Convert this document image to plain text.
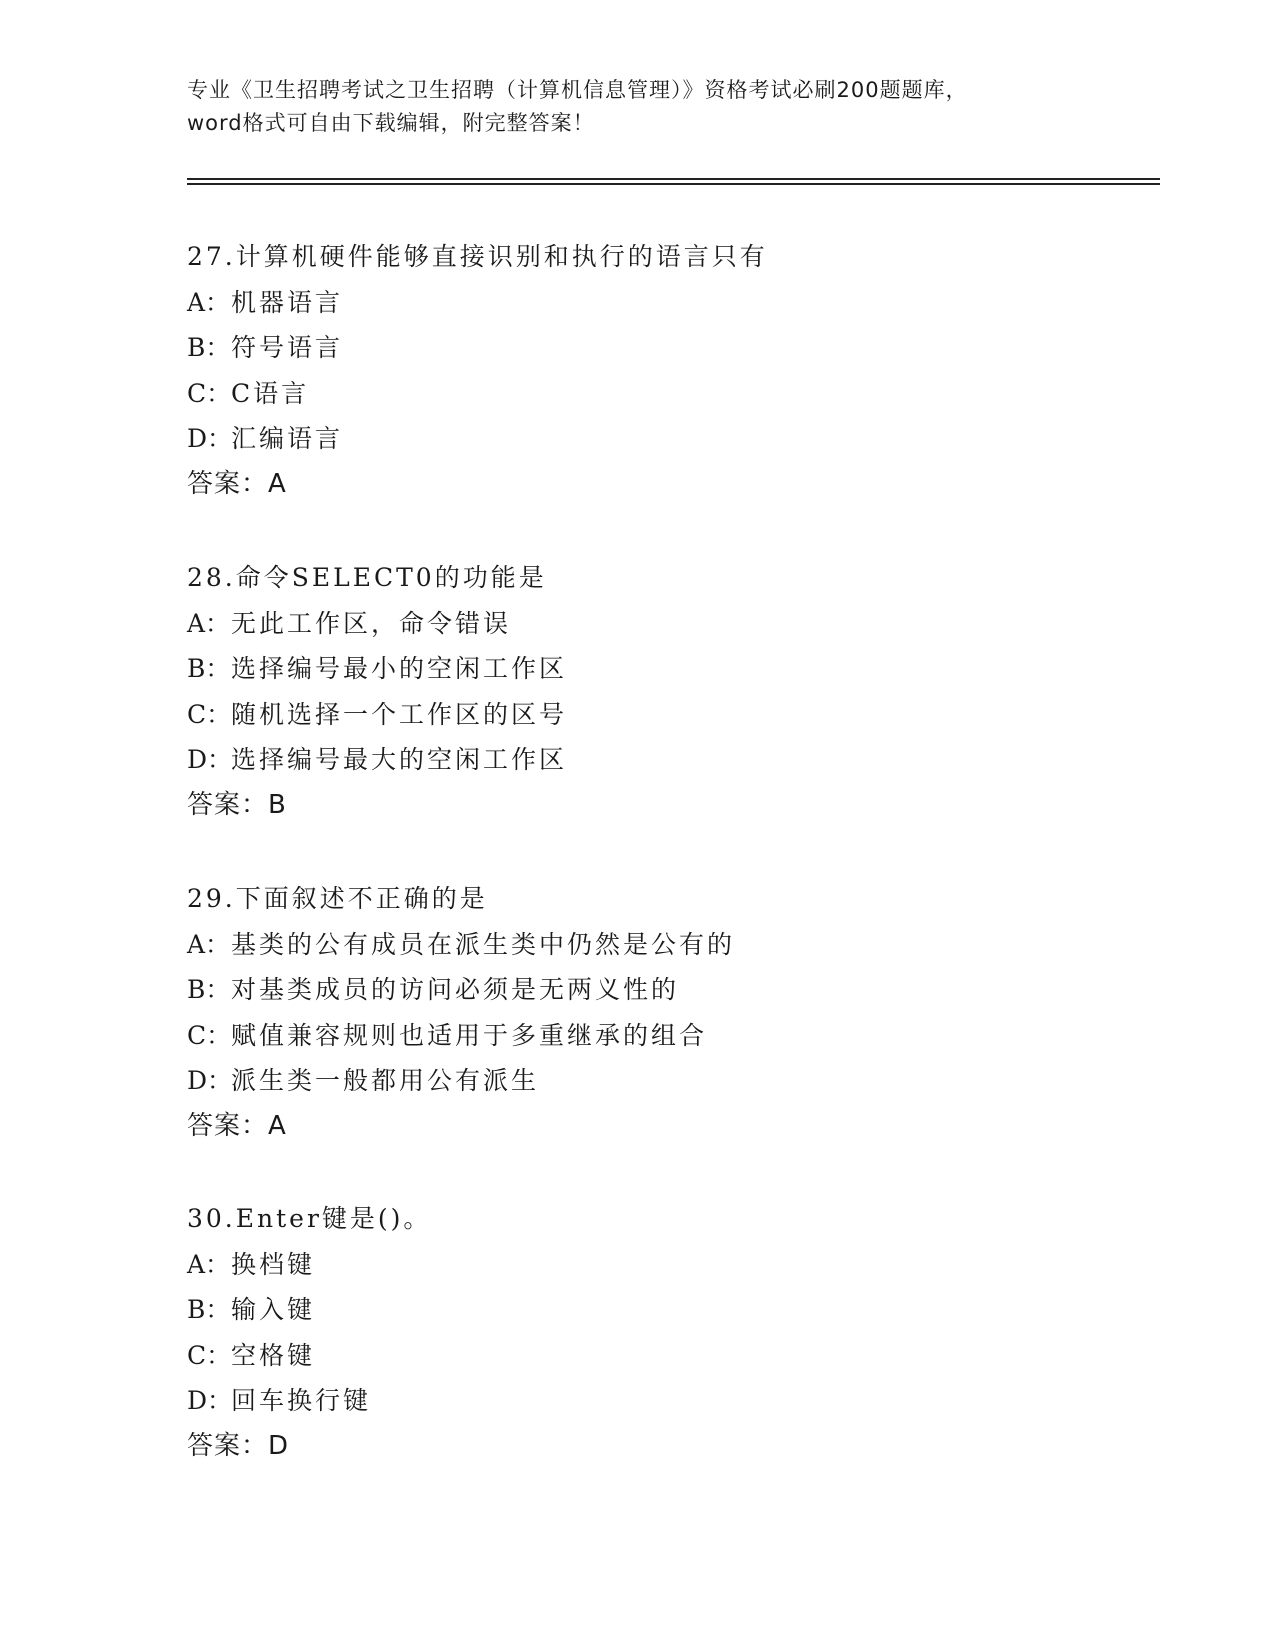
专业《卫生招聘考试之卫生招聘（计算机信息管理）》资格考试必刷200题题库，
word格式可自由下载编辑，附完整答案！
27.计算机硬件能够直接识别和执行的语言只有
A：机器语言
B：符号语言
C：C语言
D：汇编语言
答案：A
28.命令SELECT0的功能是
A：无此工作区，命令错误
B：选择编号最小的空闲工作区
C：随机选择一个工作区的区号
D：选择编号最大的空闲工作区
答案：B
29.下面叙述不正确的是
A：基类的公有成员在派生类中仍然是公有的
B：对基类成员的访问必须是无两义性的
C：赋值兼容规则也适用于多重继承的组合
D：派生类一般都用公有派生
答案：A
30.Enter键是()。
A：换档键
B：输入键
C：空格键
D：回车换行键
答案：D
